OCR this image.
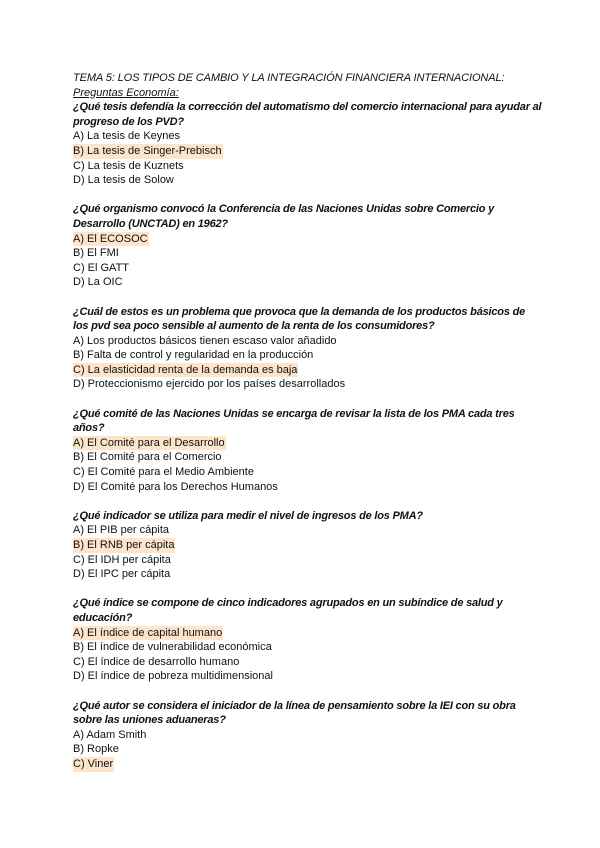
TEMA 5: LOS TIPOS DE CAMBIO Y LA INTEGRACIÓN FINANCIERA INTERNACIONAL:
Preguntas Economía:

¿Qué tesis defendía la corrección del automatismo del comercio internacional para ayudar al progreso de los PVD?

A) La tesis de Keynes
B) La tesis de Singer-Prebisch
C) La tesis de Kuznets
D) La tesis de Solow

¿Qué organismo convocó la Conferencia de las Naciones Unidas sobre Comercio y Desarrollo (UNCTAD) en 1962?

A) El ECOSOC
B) El FMI
C) El GATT
D) La OIC

¿Cuál de estos es un problema que provoca que la demanda de los productos básicos de los pvd sea poco sensible al aumento de la renta de los consumidores?

A) Los productos básicos tienen escaso valor añadido
B) Falta de control y regularidad en la producción
C) La elasticidad renta de la demanda es baja
D) Proteccionismo ejercido por los países desarrollados

¿Qué comité de las Naciones Unidas se encarga de revisar la lista de los PMA cada tres años?

A) El Comité para el Desarrollo
B) El Comité para el Comercio
C) El Comité para el Medio Ambiente
D) El Comité para los Derechos Humanos

¿Qué indicador se utiliza para medir el nivel de ingresos de los PMA?

A) El PIB per cápita
B) El RNB per cápita
C) El IDH per cápita
D) El IPC per cápita

¿Qué índice se compone de cinco indicadores agrupados en un subíndice de salud y educación?

A) El índice de capital humano
B) El índice de vulnerabilidad económica
C) El índice de desarrollo humano
D) El índice de pobreza multidimensional

¿Qué autor se considera el iniciador de la línea de pensamiento sobre la IEI con su obra sobre las uniones aduaneras?

A) Adam Smith
B) Ropke
C) Viner
